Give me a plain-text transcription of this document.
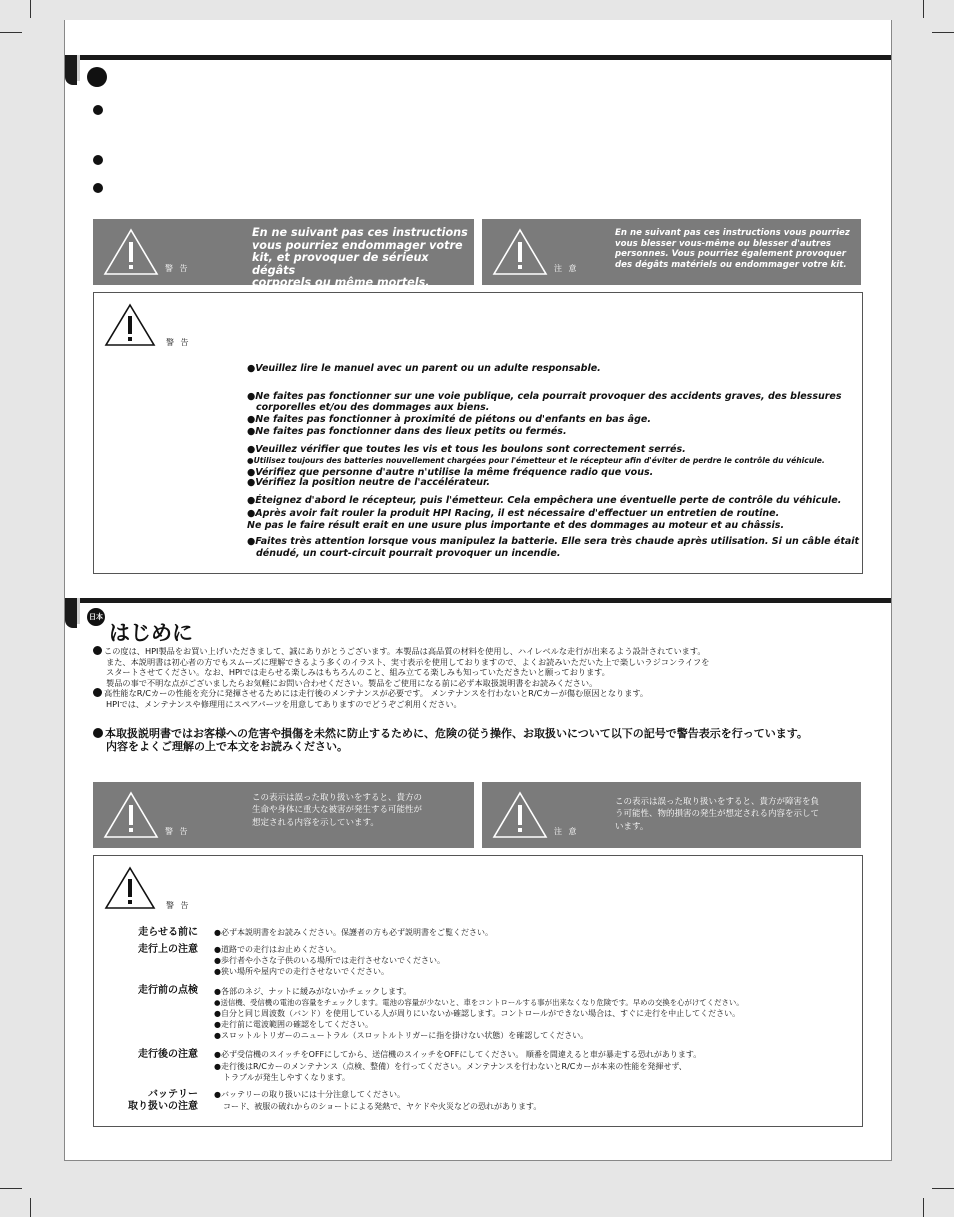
警 告
En ne suivant pas ces instructions
vous pourriez endommager votre
kit, et provoquer de sérieux dégâts
corporels ou même mortels.
注 意
En ne suivant pas ces instructions vous pourriez
vous blesser vous-même ou blesser d'autres
personnes. Vous pourriez également provoquer
des dégâts matériels ou endommager votre kit.
警 告
●Veuillez lire le manuel avec un parent ou un adulte responsable.
●Ne faites pas fonctionner sur une voie publique, cela pourrait provoquer des accidents graves, des blessures
corporelles et/ou des dommages aux biens.
●Ne faites pas fonctionner à proximité de piétons ou d'enfants en bas âge.
●Ne faites pas fonctionner dans des lieux petits ou fermés.
●Veuillez vérifier que toutes les vis et tous les boulons sont correctement serrés.
●Utilisez toujours des batteries nouvellement chargées pour l'émetteur et le récepteur afin d'éviter de perdre le contrôle du véhicule.
●Vérifiez que personne d'autre n'utilise la même fréquence radio que vous.
●Vérifiez la position neutre de l'accélérateur.
●Éteignez d'abord le récepteur, puis l'émetteur. Cela empêchera une éventuelle perte de contrôle du véhicule.
●Après avoir fait rouler la produit HPI Racing, il est nécessaire d'effectuer un entretien de routine.
Ne pas le faire résult erait en une usure plus importante et des dommages au moteur et au châssis.
●Faites très attention lorsque vous manipulez la batterie. Elle sera très chaude après utilisation. Si un câble était
dénudé, un court-circuit pourrait provoquer un incendie.
日本語 はじめに
この度は、HPI製品をお買い上げいただきまして、誠にありがとうございます。本製品は高品質の材料を使用し、ハイレベルな走行が出来るよう設計されています。
また、本説明書は初心者の方でもスムーズに理解できるよう多くのイラスト、実寸表示を使用しておりますので、よくお読みいただいた上で楽しいラジコンライフを
スタートさせてください。なお、HPIでは走らせる楽しみはもちろんのこと、組み立てる楽しみも知っていただきたいと願っております。
製品の事で不明な点がございましたらお気軽にお問い合わせください。製品をご使用になる前に必ず本取扱説明書をお読みください。
高性能なR/Cカーの性能を充分に発揮させるためには走行後のメンテナンスが必要です。 メンテナンスを行わないとR/Cカーが傷む原因となります。
HPIでは、メンテナンスや修理用にスペアパーツを用意してありますのでどうぞご利用ください。
本取扱説明書ではお客様への危害や損傷を未然に防止するために、危険の従う操作、お取扱いについて以下の記号で警告表示を行っています。
内容をよくご理解の上で本文をお読みください。
警 告
この表示は誤った取り扱いをすると、貴方の
生命や身体に重大な被害が発生する可能性が
想定される内容を示しています。
注 意
この表示は誤った取り扱いをすると、貴方が障害を負
う可能性、物的損害の発生が想定される内容を示して
います。
警 告
走らせる前に
走行上の注意
走行前の点検
走行後の注意
バッテリー
取り扱いの注意
●必ず本説明書をお読みください。保護者の方も必ず説明書をご覧ください。
●道路での走行はお止めください。
●歩行者や小さな子供のいる場所では走行させないでください。
●狭い場所や屋内での走行させないでください。
●各部のネジ、ナットに緩みがないかチェックします。
●送信機、受信機の電池の容量をチェックします。電池の容量が少ないと、車をコントロールする事が出来なくなり危険です。早めの交換を心がけてください。
●自分と同じ周波数（バンド）を使用している人が周りにいないか確認します。コントロールができない場合は、すぐに走行を中止してください。
●走行前に電波範囲の確認をしてください。
●スロットルトリガーのニュートラル（スロットルトリガーに指を掛けない状態）を確認してください。
●必ず受信機のスイッチをOFFにしてから、送信機のスイッチをOFFにしてください。 順番を間違えると車が暴走する恐れがあります。
●走行後はR/Cカーのメンテナンス（点検、整備）を行ってください。メンテナンスを行わないとR/Cカーが本来の性能を発揮せず、
トラブルが発生しやすくなります。
●バッテリーの取り扱いには十分注意してください。
コード、被服の破れからのショートによる発熱で、ヤケドや火災などの恐れがあります。
